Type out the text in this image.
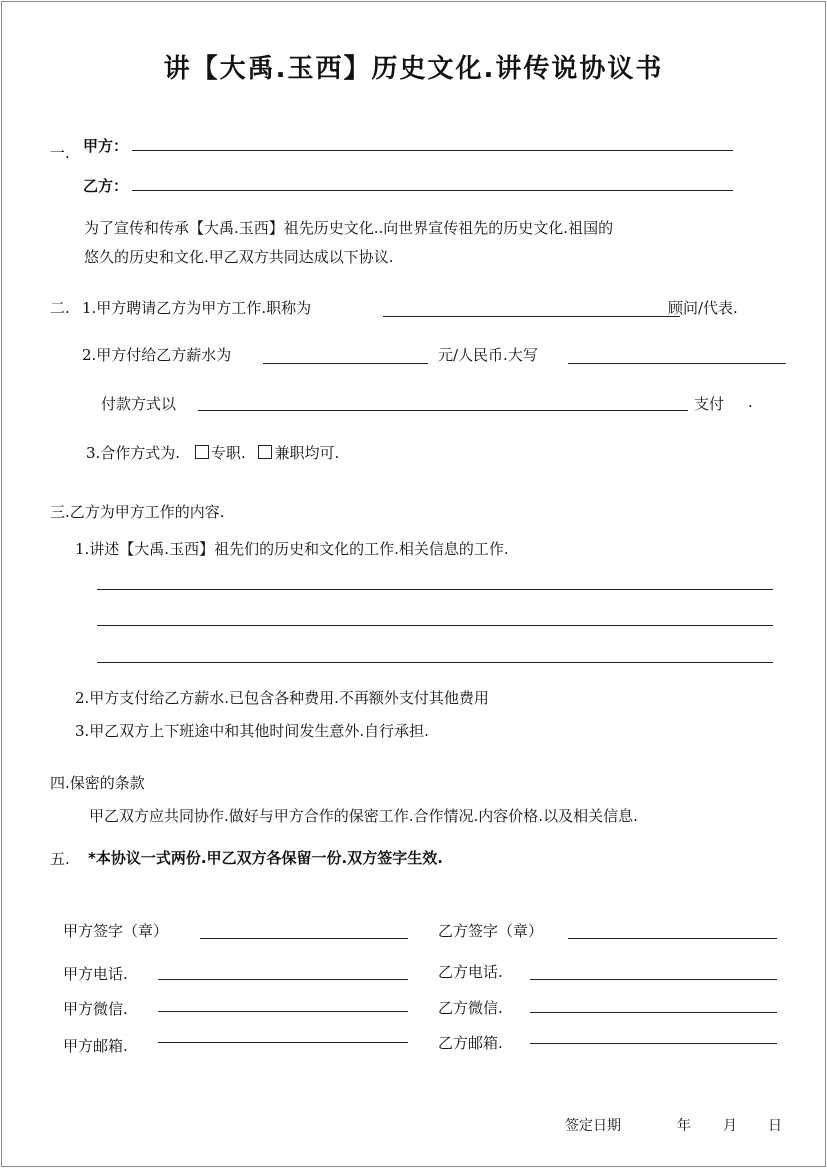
讲【大禹.玉西】历史文化.讲传说协议书
一. 甲方：
乙方：
为了宣传和传承【大禹.玉西】祖先历史文化..向世界宣传祖先的历史文化.祖国的
悠久的历史和文化.甲乙双方共同达成以下协议.
二. 1.甲方聘请乙方为甲方工作.职称为	顾问/代表.
2.甲方付给乙方薪水为	元/人民币.大写
付款方式以	支付 .
3.合作方式为. 专职. 兼职均可.
三.乙方为甲方工作的内容.
1.讲述【大禹.玉西】祖先们的历史和文化的工作.相关信息的工作.
2.甲方支付给乙方薪水.已包含各种费用.不再额外支付其他费用
3.甲乙双方上下班途中和其他时间发生意外.自行承担.
四.保密的条款
甲乙双方应共同协作.做好与甲方合作的保密工作.合作情况.内容价格.以及相关信息.
五. *本协议一式两份.甲乙双方各保留一份.双方签字生效.
甲方签字（章）	乙方签字（章）
甲方电话.	乙方电话.
甲方微信.	乙方微信.
甲方邮箱.	乙方邮箱.
签定日期	年 月 日
